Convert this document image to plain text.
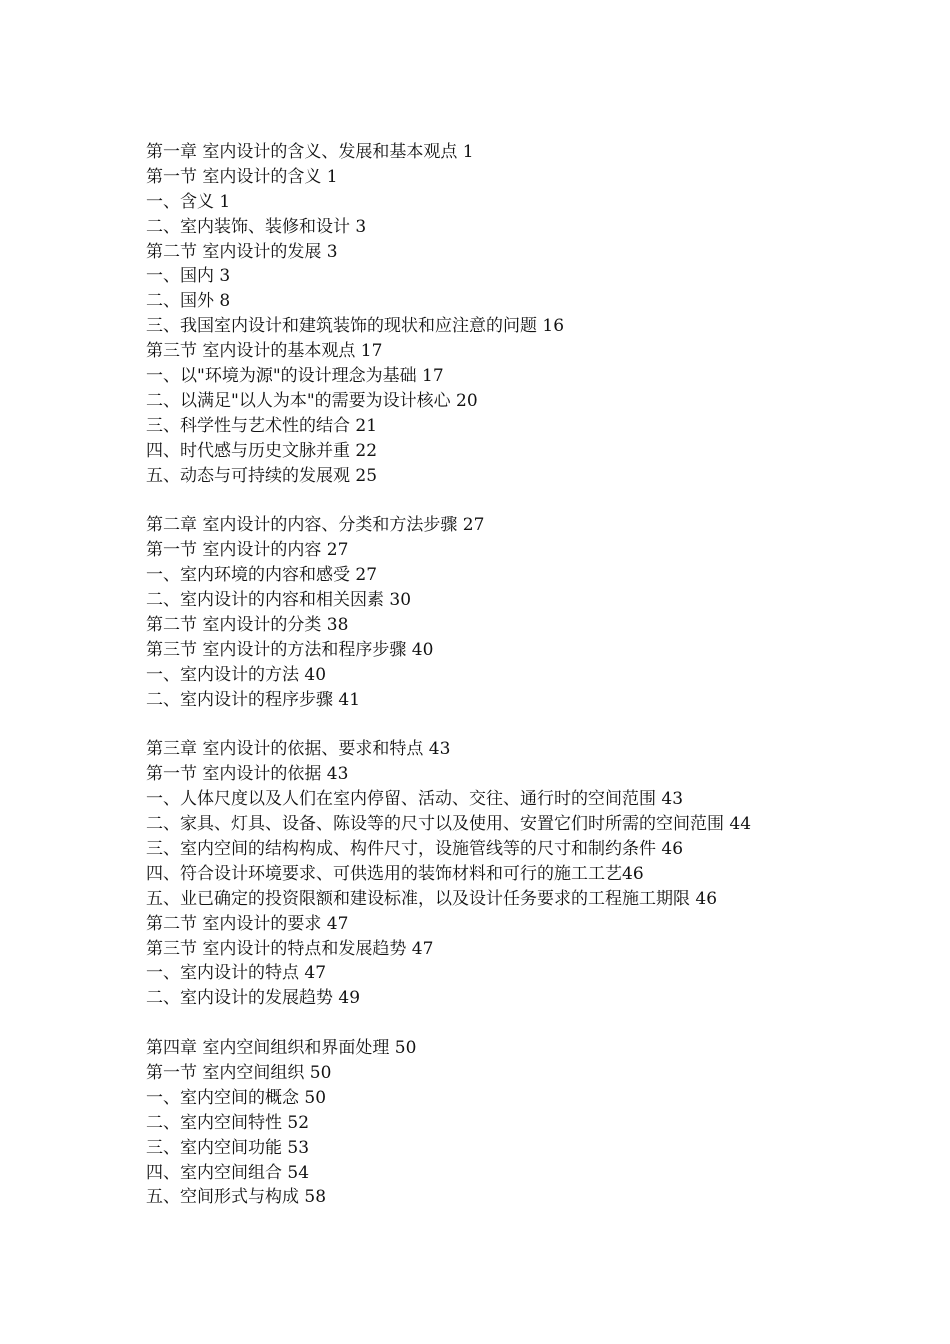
第一章 室内设计的含义、发展和基本观点 1
第一节 室内设计的含义 1
一、含义 1
二、室内装饰、装修和设计 3
第二节 室内设计的发展 3
一、国内 3
二、国外 8
三、我国室内设计和建筑装饰的现状和应注意的问题 16
第三节 室内设计的基本观点 17
一、以"环境为源"的设计理念为基础 17
二、以满足"以人为本"的需要为设计核心 20
三、科学性与艺术性的结合 21
四、时代感与历史文脉并重 22
五、动态与可持续的发展观 25
第二章 室内设计的内容、分类和方法步骤 27
第一节 室内设计的内容 27
一、室内环境的内容和感受 27
二、室内设计的内容和相关因素 30
第二节 室内设计的分类 38
第三节 室内设计的方法和程序步骤 40
一、室内设计的方法 40
二、室内设计的程序步骤 41
第三章 室内设计的依据、要求和特点 43
第一节 室内设计的依据 43
一、人体尺度以及人们在室内停留、活动、交往、通行时的空间范围 43
二、家具、灯具、设备、陈设等的尺寸以及使用、安置它们时所需的空间范围 44
三、室内空间的结构构成、构件尺寸，设施管线等的尺寸和制约条件 46
四、符合设计环境要求、可供选用的装饰材料和可行的施工工艺46
五、业已确定的投资限额和建设标准，以及设计任务要求的工程施工期限 46
第二节 室内设计的要求 47
第三节 室内设计的特点和发展趋势 47
一、室内设计的特点 47
二、室内设计的发展趋势 49
第四章 室内空间组织和界面处理 50
第一节 室内空间组织 50
一、室内空间的概念 50
二、室内空间特性 52
三、室内空间功能 53
四、室内空间组合 54
五、空间形式与构成 58
